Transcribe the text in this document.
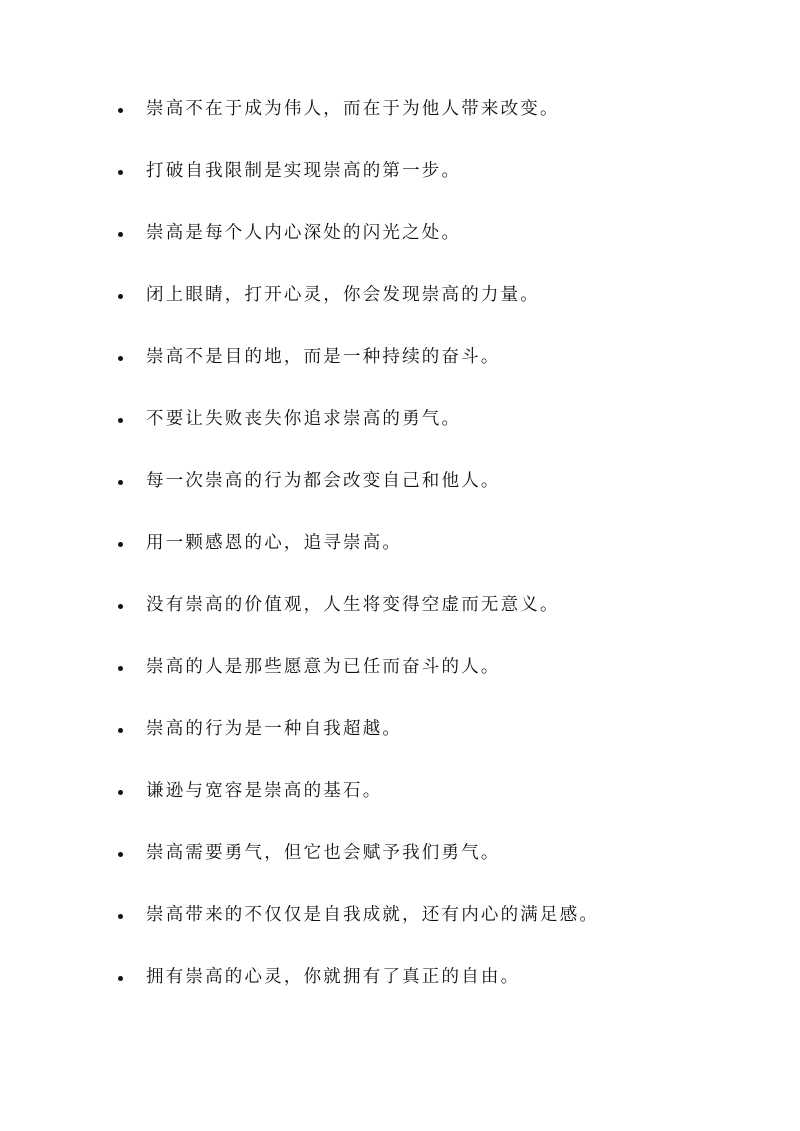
崇高不在于成为伟人，而在于为他人带来改变。
打破自我限制是实现崇高的第一步。
崇高是每个人内心深处的闪光之处。
闭上眼睛，打开心灵，你会发现崇高的力量。
崇高不是目的地，而是一种持续的奋斗。
不要让失败丧失你追求崇高的勇气。
每一次崇高的行为都会改变自己和他人。
用一颗感恩的心，追寻崇高。
没有崇高的价值观，人生将变得空虚而无意义。
崇高的人是那些愿意为已任而奋斗的人。
崇高的行为是一种自我超越。
谦逊与宽容是崇高的基石。
崇高需要勇气，但它也会赋予我们勇气。
崇高带来的不仅仅是自我成就，还有内心的满足感。
拥有崇高的心灵，你就拥有了真正的自由。
